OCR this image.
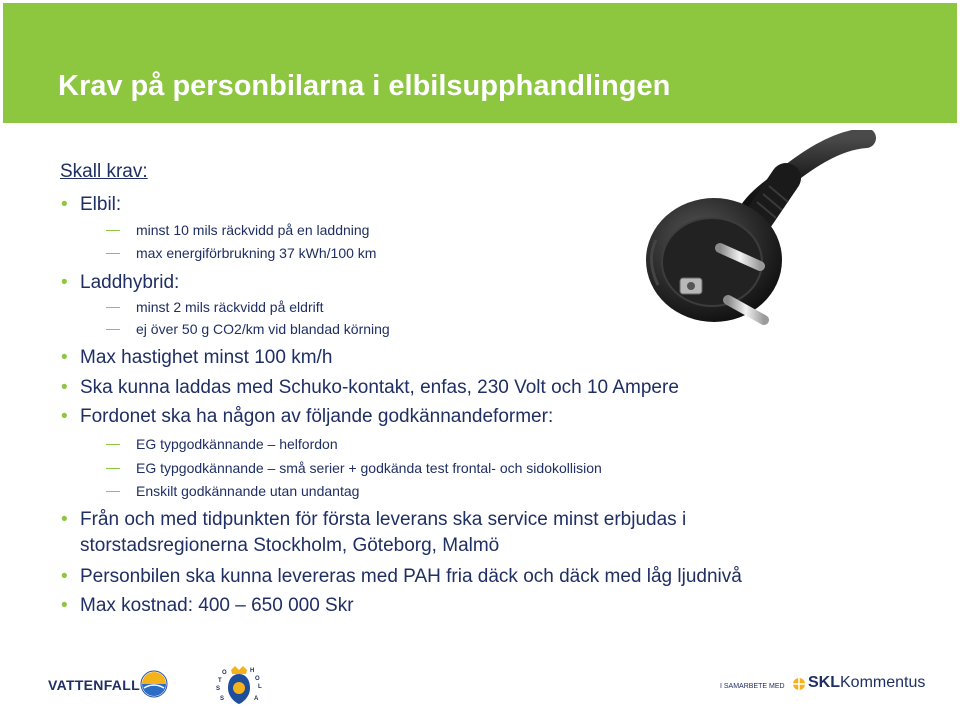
Krav på personbilarna i elbilsupphandlingen
Skall krav:
• Elbil:
minst 10 mils räckvidd på en laddning
max energiförbrukning 37 kWh/100 km
• Laddhybrid:
minst 2 mils räckvidd på eldrift
ej över 50 g CO2/km vid blandad körning
• Max hastighet minst 100 km/h
• Ska kunna laddas med Schuko-kontakt, enfas, 230 Volt och 10 Ampere
• Fordonet ska ha någon av följande godkännandeformer:
EG typgodkännande – helfordon
EG typgodkännande – små serier + godkända test frontal- och sidokollision
Enskilt godkännande utan undantag
• Från och med tidpunkten för första leverans ska service minst erbjudas i
storstadsregionerna Stockholm, Göteborg, Malmö
• Personbilen ska kunna levereras med PAH fria däck och däck med låg ljudnivå
• Max kostnad: 400 – 650 000 Skr
VATTENFALL	S
T
O	H
O
L
S	A
I SAMARBETE MED SKLKommentus
